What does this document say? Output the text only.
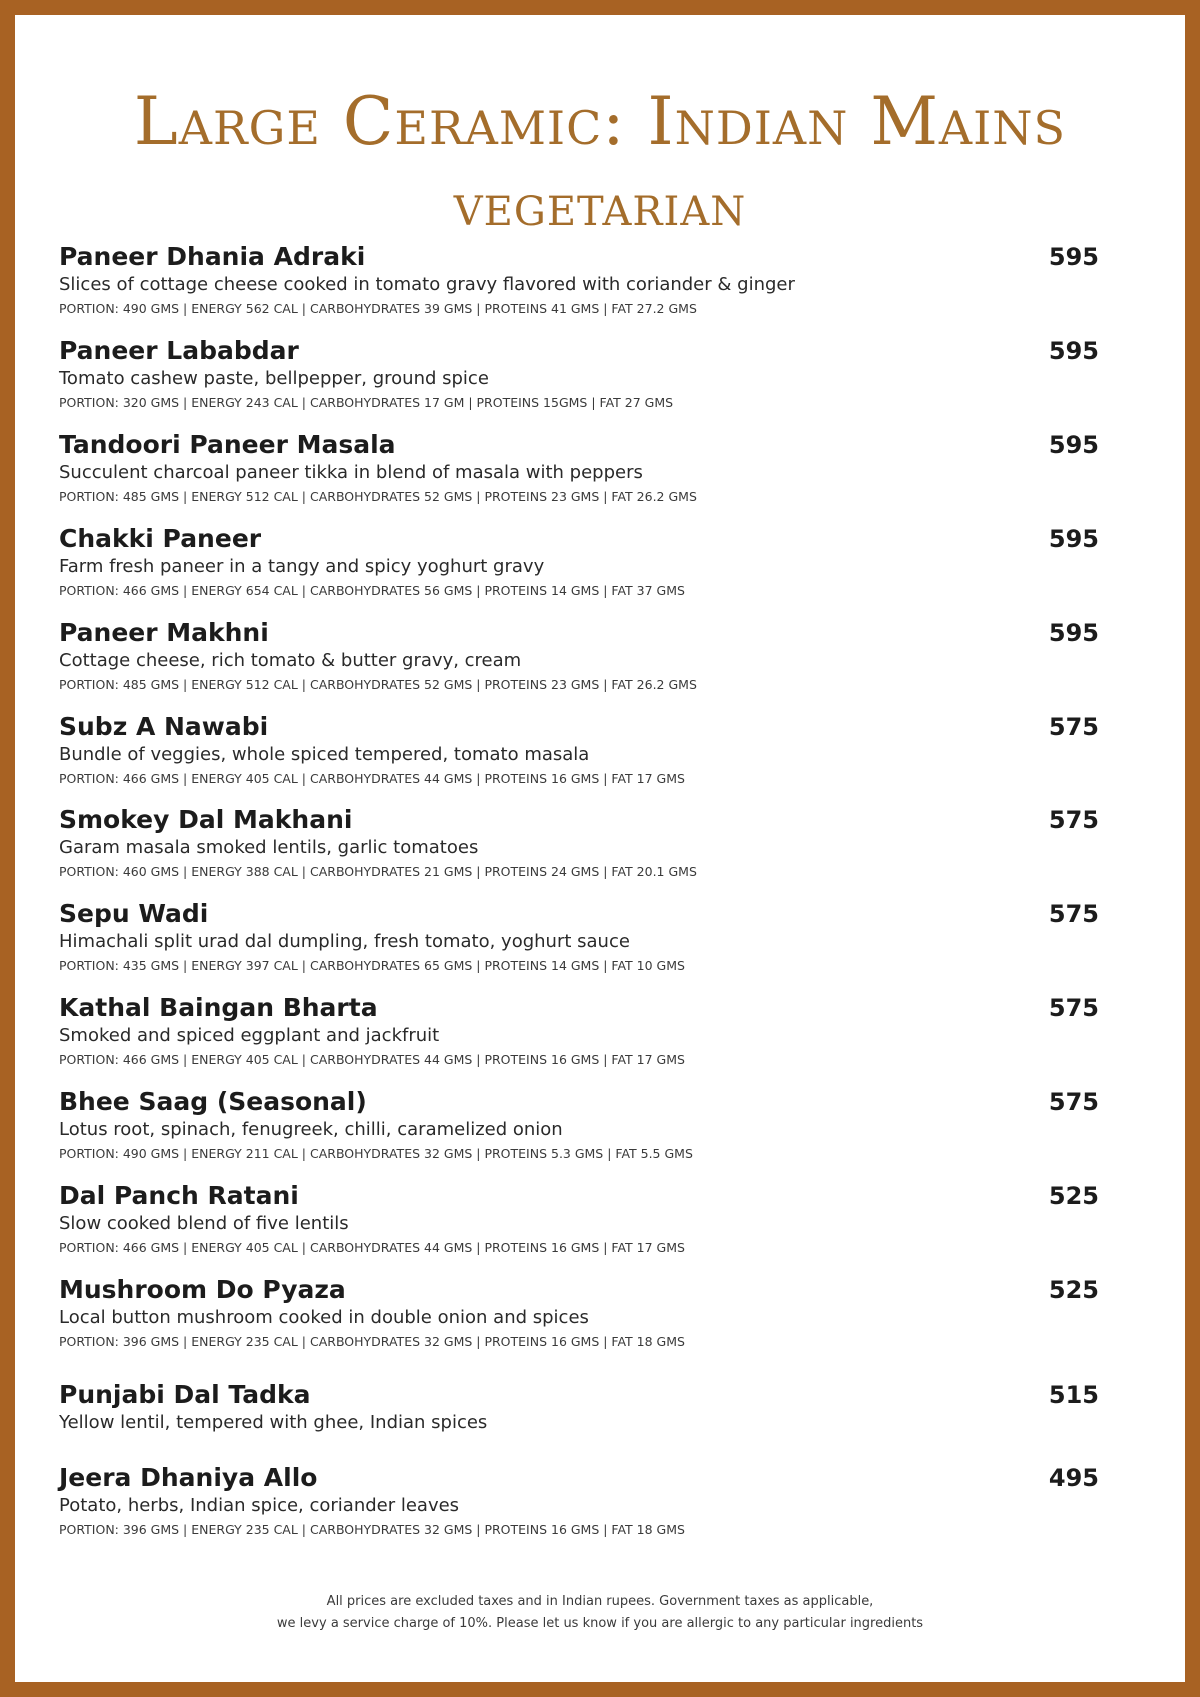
Large Ceramic: Indian Mains
VEGETARIAN
Paneer Dhania Adraki	595
Slices of cottage cheese cooked in tomato gravy flavored with coriander & ginger
PORTION: 490 GMS | ENERGY 562 CAL | CARBOHYDRATES 39 GMS | PROTEINS 41 GMS | FAT 27.2 GMS
Paneer Lababdar	595
Tomato cashew paste, bellpepper, ground spice
PORTION: 320 GMS | ENERGY 243 CAL | CARBOHYDRATES 17 GM | PROTEINS 15GMS | FAT 27 GMS
Tandoori Paneer Masala	595
Succulent charcoal paneer tikka in blend of masala with peppers
PORTION: 485 GMS | ENERGY 512 CAL | CARBOHYDRATES 52 GMS | PROTEINS 23 GMS | FAT 26.2 GMS
Chakki Paneer	595
Farm fresh paneer in a tangy and spicy yoghurt gravy
PORTION: 466 GMS | ENERGY 654 CAL | CARBOHYDRATES 56 GMS | PROTEINS 14 GMS | FAT 37 GMS
Paneer Makhni	595
Cottage cheese, rich tomato & butter gravy, cream
PORTION: 485 GMS | ENERGY 512 CAL | CARBOHYDRATES 52 GMS | PROTEINS 23 GMS | FAT 26.2 GMS
Subz A Nawabi	575
Bundle of veggies, whole spiced tempered, tomato masala
PORTION: 466 GMS | ENERGY 405 CAL | CARBOHYDRATES 44 GMS | PROTEINS 16 GMS | FAT 17 GMS
Smokey Dal Makhani	575
Garam masala smoked lentils, garlic tomatoes
PORTION: 460 GMS | ENERGY 388 CAL | CARBOHYDRATES 21 GMS | PROTEINS 24 GMS | FAT 20.1 GMS
Sepu Wadi	575
Himachali split urad dal dumpling, fresh tomato, yoghurt sauce
PORTION: 435 GMS | ENERGY 397 CAL | CARBOHYDRATES 65 GMS | PROTEINS 14 GMS | FAT 10 GMS
Kathal Baingan Bharta	575
Smoked and spiced eggplant and jackfruit
PORTION: 466 GMS | ENERGY 405 CAL | CARBOHYDRATES 44 GMS | PROTEINS 16 GMS | FAT 17 GMS
Bhee Saag (Seasonal)	575
Lotus root, spinach, fenugreek, chilli, caramelized onion
PORTION: 490 GMS | ENERGY 211 CAL | CARBOHYDRATES 32 GMS | PROTEINS 5.3 GMS | FAT 5.5 GMS
Dal Panch Ratani	525
Slow cooked blend of five lentils
PORTION: 466 GMS | ENERGY 405 CAL | CARBOHYDRATES 44 GMS | PROTEINS 16 GMS | FAT 17 GMS
Mushroom Do Pyaza	525
Local button mushroom cooked in double onion and spices
PORTION: 396 GMS | ENERGY 235 CAL | CARBOHYDRATES 32 GMS | PROTEINS 16 GMS | FAT 18 GMS
Punjabi Dal Tadka	515
Yellow lentil, tempered with ghee, Indian spices
Jeera Dhaniya Allo	495
Potato, herbs, Indian spice, coriander leaves
PORTION: 396 GMS | ENERGY 235 CAL | CARBOHYDRATES 32 GMS | PROTEINS 16 GMS | FAT 18 GMS
All prices are excluded taxes and in Indian rupees. Government taxes as applicable,
we levy a service charge of 10%. Please let us know if you are allergic to any particular ingredients
